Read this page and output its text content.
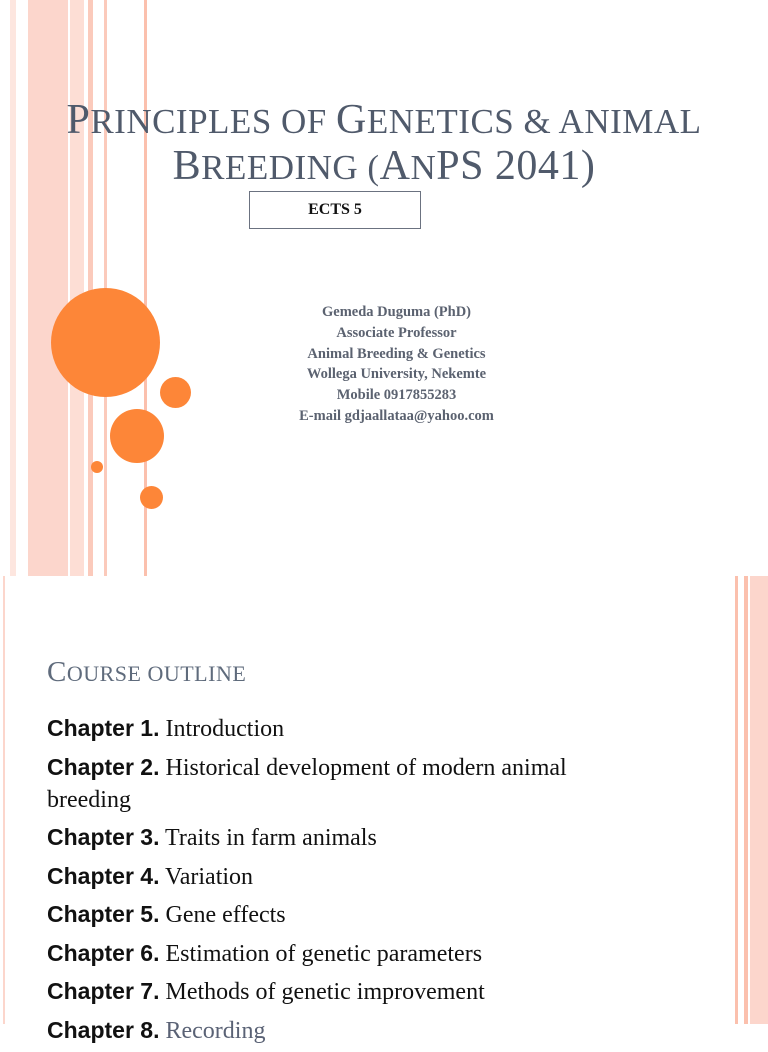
PRINCIPLES OF GENETICS & ANIMAL
BREEDING (ANPS 2041)
ECTS 5
Gemeda Duguma (PhD)
Associate Professor
Animal Breeding & Genetics
Wollega University, Nekemte
Mobile 0917855283
E-mail gdjaallataa@yahoo.com
COURSE OUTLINE
Chapter 1. Introduction
Chapter 2. Historical development of modern animal breeding
Chapter 3. Traits in farm animals
Chapter 4. Variation
Chapter 5. Gene effects
Chapter 6. Estimation of genetic parameters
Chapter 7. Methods of genetic improvement
Chapter 8. Recording
